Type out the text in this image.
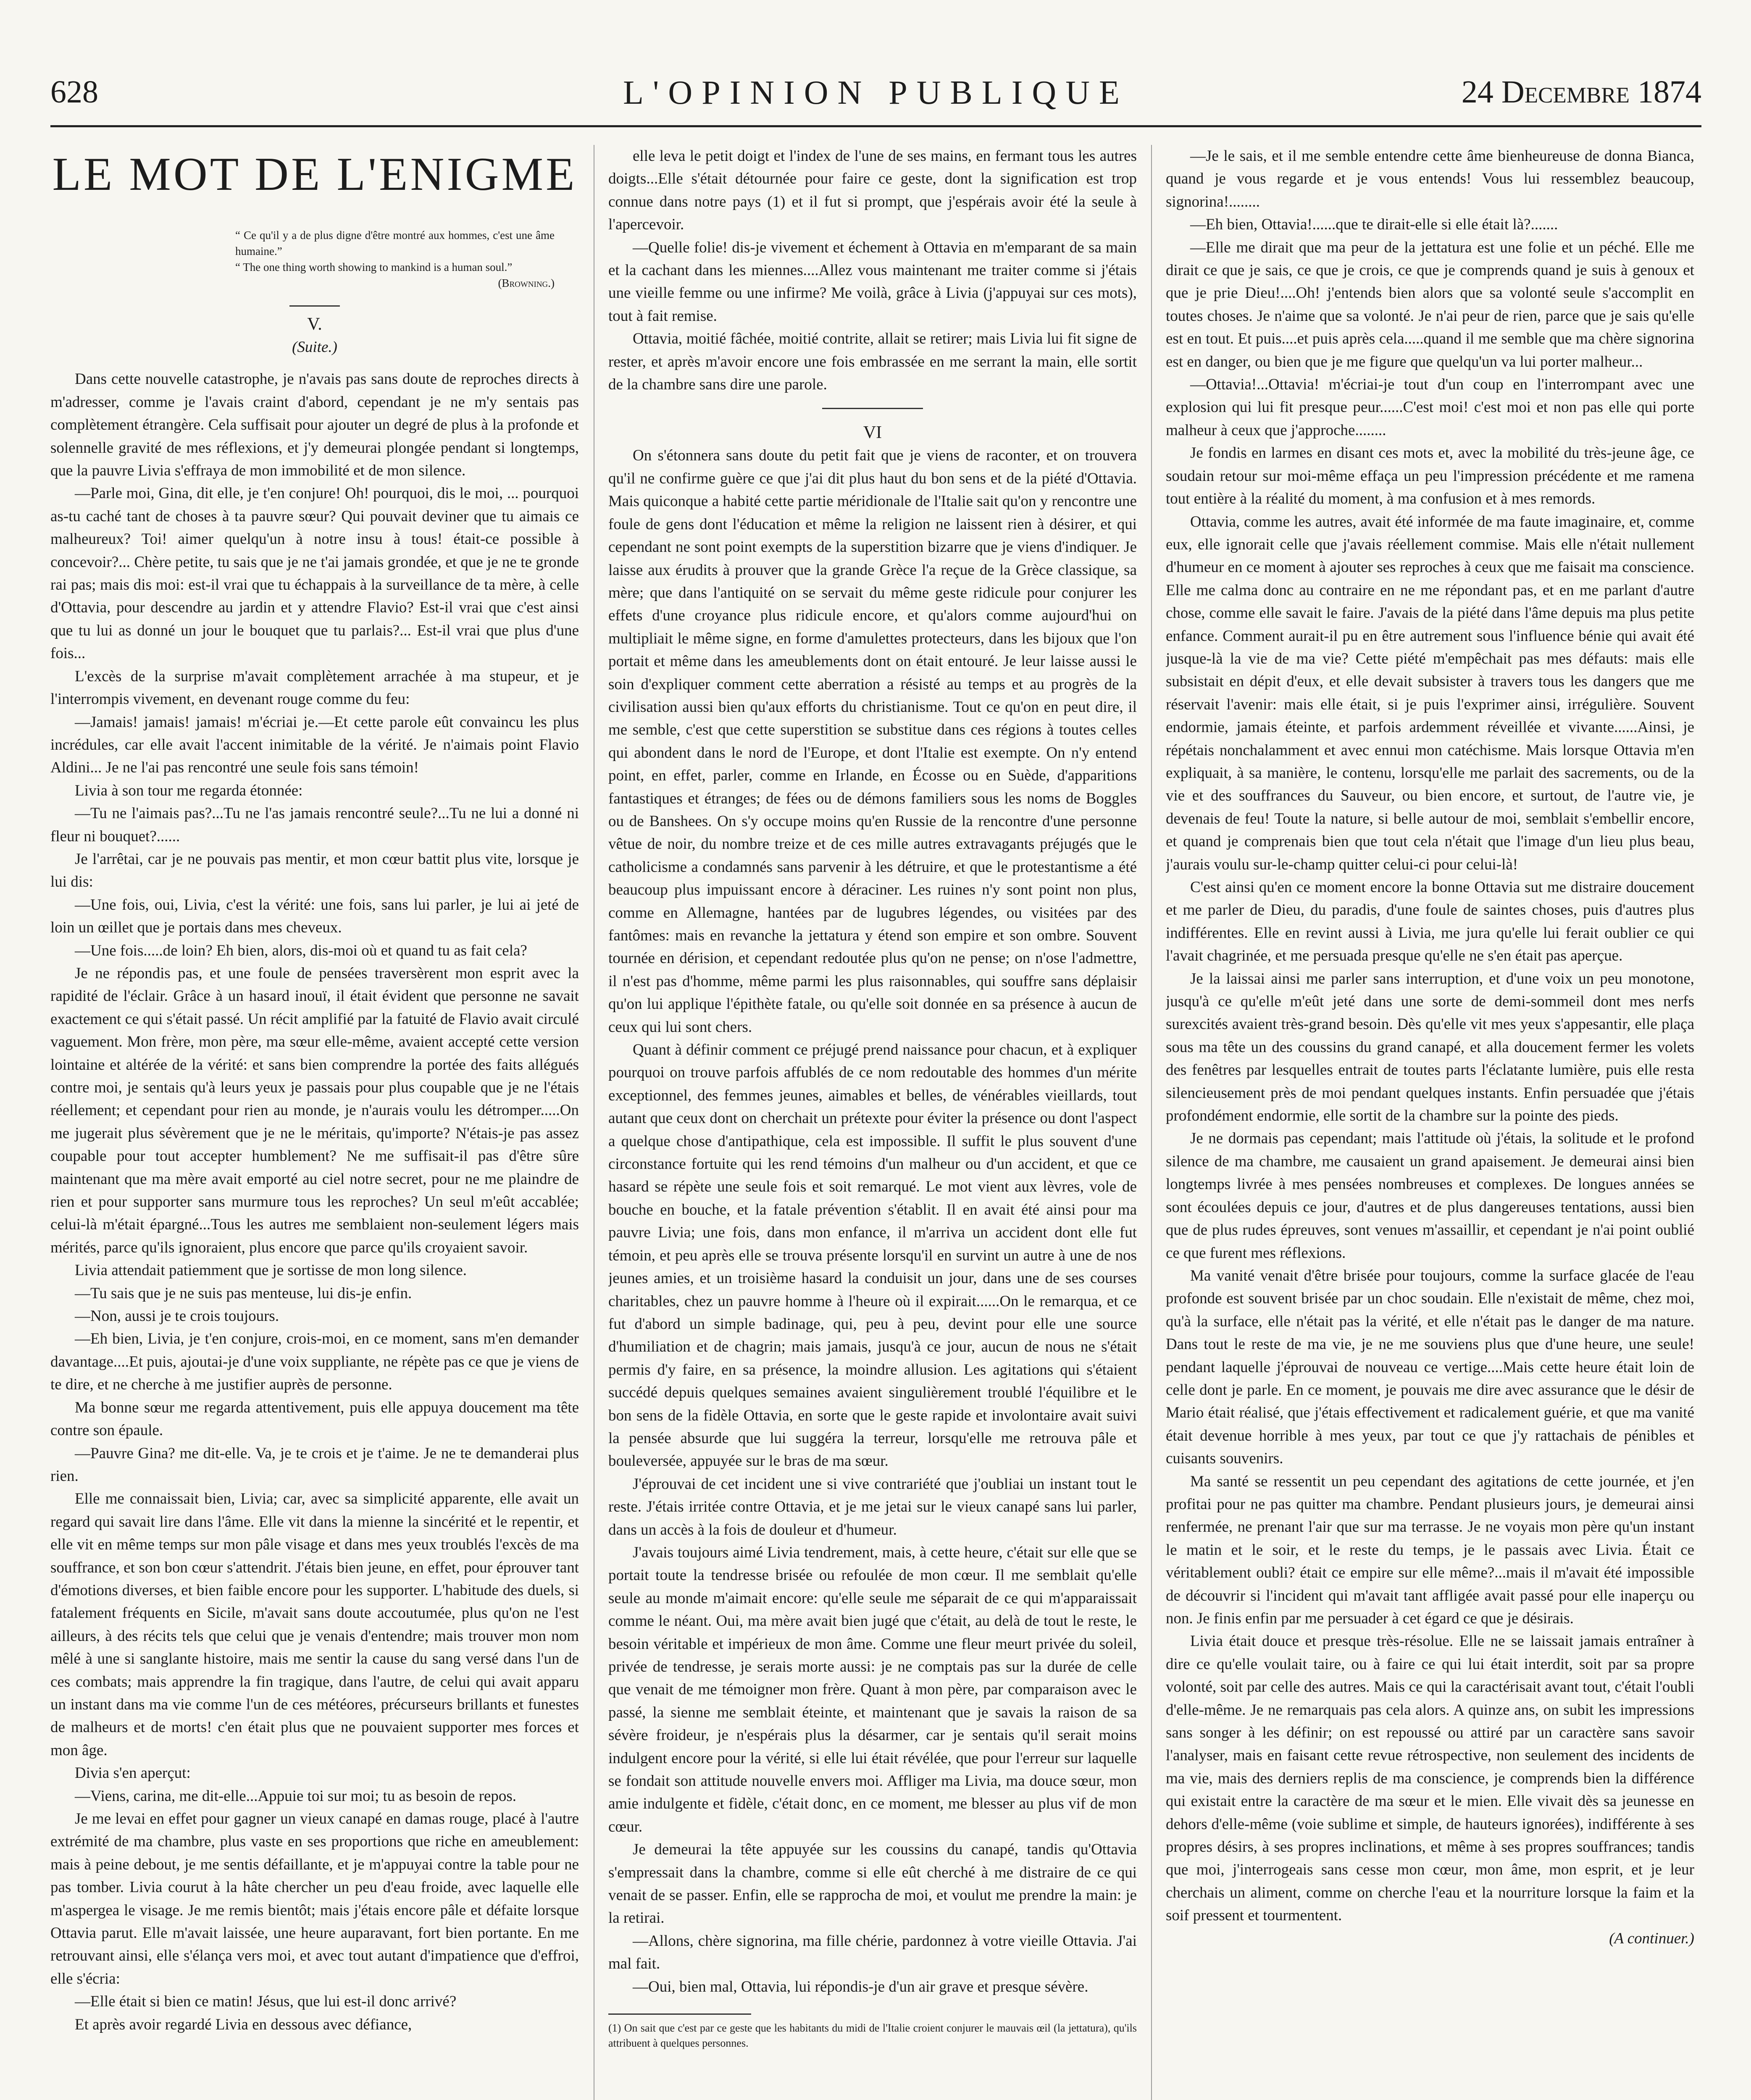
628	L'OPINION PUBLIQUE	24 Decembre 1874
LE MOT DE L'ENIGME
“ Ce qu'il y a de plus digne d'être montré aux hommes, c'est une âme humaine.”
“ The one thing worth showing to mankind is a human soul.”
(Browning.)
V.
(Suite.)

Dans cette nouvelle catastrophe, je n'avais pas sans doute de reproches directs à m'adresser, comme je l'avais craint d'abord, cependant je ne m'y sentais pas complètement étrangère. Cela suffisait pour ajouter un degré de plus à la profonde et solennelle gravité de mes réflexions, et j'y demeurai plongée pendant si longtemps, que la pauvre Livia s'effraya de mon immobilité et de mon silence.

—Parle moi, Gina, dit elle, je t'en conjure! Oh! pourquoi, dis le moi, ... pourquoi as-tu caché tant de choses à ta pauvre sœur? Qui pouvait deviner que tu aimais ce malheureux? Toi! aimer quelqu'un à notre insu à tous! était-ce possible à concevoir?... Chère petite, tu sais que je ne t'ai jamais grondée, et que je ne te gronde rai pas; mais dis moi: est-il vrai que tu échappais à la surveillance de ta mère, à celle d'Ottavia, pour descendre au jardin et y attendre Flavio? Est-il vrai que c'est ainsi que tu lui as donné un jour le bouquet que tu parlais?... Est-il vrai que plus d'une fois...

L'excès de la surprise m'avait complètement arrachée à ma stupeur, et je l'interrompis vivement, en devenant rouge comme du feu:

—Jamais! jamais! jamais! m'écriai je.—Et cette parole eût convaincu les plus incrédules, car elle avait l'accent inimitable de la vérité. Je n'aimais point Flavio Aldini... Je ne l'ai pas rencontré une seule fois sans témoin!

Livia à son tour me regarda étonnée:

—Tu ne l'aimais pas?...Tu ne l'as jamais rencontré seule?...Tu ne lui a donné ni fleur ni bouquet?......

Je l'arrêtai, car je ne pouvais pas mentir, et mon cœur battit plus vite, lorsque je lui dis:

—Une fois, oui, Livia, c'est la vérité: une fois, sans lui parler, je lui ai jeté de loin un œillet que je portais dans mes cheveux.

—Une fois.....de loin? Eh bien, alors, dis-moi où et quand tu as fait cela?

Je ne répondis pas, et une foule de pensées traversèrent mon esprit avec la rapidité de l'éclair. Grâce à un hasard inouï, il était évident que personne ne savait exactement ce qui s'était passé. Un récit amplifié par la fatuité de Flavio avait circulé vaguement. Mon frère, mon père, ma sœur elle-même, avaient accepté cette version lointaine et altérée de la vérité: et sans bien comprendre la portée des faits allégués contre moi, je sentais qu'à leurs yeux je passais pour plus coupable que je ne l'étais réellement; et cependant pour rien au monde, je n'aurais voulu les détromper.....On me jugerait plus sévèrement que je ne le méritais, qu'importe? N'étais-je pas assez coupable pour tout accepter humblement? Ne me suffisait-il pas d'être sûre maintenant que ma mère avait emporté au ciel notre secret, pour ne me plaindre de rien et pour supporter sans murmure tous les reproches? Un seul m'eût accablée; celui-là m'était épargné...Tous les autres me semblaient non-seulement légers mais mérités, parce qu'ils ignoraient, plus encore que parce qu'ils croyaient savoir.

Livia attendait patiemment que je sortisse de mon long silence.

—Tu sais que je ne suis pas menteuse, lui dis-je enfin.

—Non, aussi je te crois toujours.

—Eh bien, Livia, je t'en conjure, crois-moi, en ce moment, sans m'en demander davantage....Et puis, ajoutai-je d'une voix suppliante, ne répète pas ce que je viens de te dire, et ne cherche à me justifier auprès de personne.

Ma bonne sœur me regarda attentivement, puis elle appuya doucement ma tête contre son épaule.

—Pauvre Gina? me dit-elle. Va, je te crois et je t'aime. Je ne te demanderai plus rien.

Elle me connaissait bien, Livia; car, avec sa simplicité apparente, elle avait un regard qui savait lire dans l'âme. Elle vit dans la mienne la sincérité et le repentir, et elle vit en même temps sur mon pâle visage et dans mes yeux troublés l'excès de ma souffrance, et son bon cœur s'attendrit. J'étais bien jeune, en effet, pour éprouver tant d'émotions diverses, et bien faible encore pour les supporter. L'habitude des duels, si fatalement fréquents en Sicile, m'avait sans doute accoutumée, plus qu'on ne l'est ailleurs, à des récits tels que celui que je venais d'entendre; mais trouver mon nom mêlé à une si sanglante histoire, mais me sentir la cause du sang versé dans l'un de ces combats; mais apprendre la fin tragique, dans l'autre, de celui qui avait apparu un instant dans ma vie comme l'un de ces météores, précurseurs brillants et funestes de malheurs et de morts! c'en était plus que ne pouvaient supporter mes forces et mon âge.

Divia s'en aperçut:

—Viens, carina, me dit-elle...Appuie toi sur moi; tu as besoin de repos.

Je me levai en effet pour gagner un vieux canapé en damas rouge, placé à l'autre extrémité de ma chambre, plus vaste en ses proportions que riche en ameublement: mais à peine debout, je me sentis défaillante, et je m'appuyai contre la table pour ne pas tomber. Livia courut à la hâte chercher un peu d'eau froide, avec laquelle elle m'aspergea le visage. Je me remis bientôt; mais j'étais encore pâle et défaite lorsque Ottavia parut. Elle m'avait laissée, une heure auparavant, fort bien portante. En me retrouvant ainsi, elle s'élança vers moi, et avec tout autant d'impatience que d'effroi, elle s'écria:

—Elle était si bien ce matin! Jésus, que lui est-il donc arrivé?

Et après avoir regardé Livia en dessous avec défiance,

elle leva le petit doigt et l'index de l'une de ses mains, en fermant tous les autres doigts...Elle s'était détournée pour faire ce geste, dont la signification est trop connue dans notre pays (1) et il fut si prompt, que j'espérais avoir été la seule à l'apercevoir.

—Quelle folie! dis-je vivement et échement à Ottavia en m'emparant de sa main et la cachant dans les miennes....Allez vous maintenant me traiter comme si j'étais une vieille femme ou une infirme? Me voilà, grâce à Livia (j'appuyai sur ces mots), tout à fait remise.

Ottavia, moitié fâchée, moitié contrite, allait se retirer; mais Livia lui fit signe de rester, et après m'avoir encore une fois embrassée en me serrant la main, elle sortit de la chambre sans dire une parole.

VI

On s'étonnera sans doute du petit fait que je viens de raconter, et on trouvera qu'il ne confirme guère ce que j'ai dit plus haut du bon sens et de la piété d'Ottavia. Mais quiconque a habité cette partie méridionale de l'Italie sait qu'on y rencontre une foule de gens dont l'éducation et même la religion ne laissent rien à désirer, et qui cependant ne sont point exempts de la superstition bizarre que je viens d'indiquer. Je laisse aux érudits à prouver que la grande Grèce l'a reçue de la Grèce classique, sa mère; que dans l'antiquité on se servait du même geste ridicule pour conjurer les effets d'une croyance plus ridicule encore, et qu'alors comme aujourd'hui on multipliait le même signe, en forme d'amulettes protecteurs, dans les bijoux que l'on portait et même dans les ameublements dont on était entouré. Je leur laisse aussi le soin d'expliquer comment cette aberration a résisté au temps et au progrès de la civilisation aussi bien qu'aux efforts du christianisme. Tout ce qu'on en peut dire, il me semble, c'est que cette superstition se substitue dans ces régions à toutes celles qui abondent dans le nord de l'Europe, et dont l'Italie est exempte. On n'y entend point, en effet, parler, comme en Irlande, en Écosse ou en Suède, d'apparitions fantastiques et étranges; de fées ou de démons familiers sous les noms de Boggles ou de Banshees. On s'y occupe moins qu'en Russie de la rencontre d'une personne vêtue de noir, du nombre treize et de ces mille autres extravagants préjugés que le catholicisme a condamnés sans parvenir à les détruire, et que le protestantisme a été beaucoup plus impuissant encore à déraciner. Les ruines n'y sont point non plus, comme en Allemagne, hantées par de lugubres légendes, ou visitées par des fantômes: mais en revanche la jettatura y étend son empire et son ombre. Souvent tournée en dérision, et cependant redoutée plus qu'on ne pense; on n'ose l'admettre, il n'est pas d'homme, même parmi les plus raisonnables, qui souffre sans déplaisir qu'on lui applique l'épithète fatale, ou qu'elle soit donnée en sa présence à aucun de ceux qui lui sont chers.

Quant à définir comment ce préjugé prend naissance pour chacun, et à expliquer pourquoi on trouve parfois affublés de ce nom redoutable des hommes d'un mérite exceptionnel, des femmes jeunes, aimables et belles, de vénérables vieillards, tout autant que ceux dont on cherchait un prétexte pour éviter la présence ou dont l'aspect a quelque chose d'antipathique, cela est impossible. Il suffit le plus souvent d'une circonstance fortuite qui les rend témoins d'un malheur ou d'un accident, et que ce hasard se répète une seule fois et soit remarqué. Le mot vient aux lèvres, vole de bouche en bouche, et la fatale prévention s'établit. Il en avait été ainsi pour ma pauvre Livia; une fois, dans mon enfance, il m'arriva un accident dont elle fut témoin, et peu après elle se trouva présente lorsqu'il en survint un autre à une de nos jeunes amies, et un troisième hasard la conduisit un jour, dans une de ses courses charitables, chez un pauvre homme à l'heure où il expirait......On le remarqua, et ce fut d'abord un simple badinage, qui, peu à peu, devint pour elle une source d'humiliation et de chagrin; mais jamais, jusqu'à ce jour, aucun de nous ne s'était permis d'y faire, en sa présence, la moindre allusion. Les agitations qui s'étaient succédé depuis quelques semaines avaient singulièrement troublé l'équilibre et le bon sens de la fidèle Ottavia, en sorte que le geste rapide et involontaire avait suivi la pensée absurde que lui suggéra la terreur, lorsqu'elle me retrouva pâle et bouleversée, appuyée sur le bras de ma sœur.

J'éprouvai de cet incident une si vive contrariété que j'oubliai un instant tout le reste. J'étais irritée contre Ottavia, et je me jetai sur le vieux canapé sans lui parler, dans un accès à la fois de douleur et d'humeur.

J'avais toujours aimé Livia tendrement, mais, à cette heure, c'était sur elle que se portait toute la tendresse brisée ou refoulée de mon cœur. Il me semblait qu'elle seule au monde m'aimait encore: qu'elle seule me séparait de ce qui m'apparaissait comme le néant. Oui, ma mère avait bien jugé que c'était, au delà de tout le reste, le besoin véritable et impérieux de mon âme. Comme une fleur meurt privée du soleil, privée de tendresse, je serais morte aussi: je ne comptais pas sur la durée de celle que venait de me témoigner mon frère. Quant à mon père, par comparaison avec le passé, la sienne me semblait éteinte, et maintenant que je savais la raison de sa sévère froideur, je n'espérais plus la désarmer, car je sentais qu'il serait moins indulgent encore pour la vérité, si elle lui était révélée, que pour l'erreur sur laquelle se fondait son attitude nouvelle envers moi. Affliger ma Livia, ma douce sœur, mon amie indulgente et fidèle, c'était donc, en ce moment, me blesser au plus vif de mon cœur.

Je demeurai la tête appuyée sur les coussins du canapé, tandis qu'Ottavia s'empressait dans la chambre, comme si elle eût cherché à me distraire de ce qui venait de se passer. Enfin, elle se rapprocha de moi, et voulut me prendre la main: je la retirai.

—Allons, chère signorina, ma fille chérie, pardonnez à votre vieille Ottavia. J'ai mal fait.

—Oui, bien mal, Ottavia, lui répondis-je d'un air grave et presque sévère.

(1) On sait que c'est par ce geste que les habitants du midi de l'Italie croient conjurer le mauvais œil (la jettatura), qu'ils attribuent à quelques personnes.

—Je le sais, et il me semble entendre cette âme bienheureuse de donna Bianca, quand je vous regarde et je vous entends! Vous lui ressemblez beaucoup, signorina!........

—Eh bien, Ottavia!......que te dirait-elle si elle était là?.......

—Elle me dirait que ma peur de la jettatura est une folie et un péché. Elle me dirait ce que je sais, ce que je crois, ce que je comprends quand je suis à genoux et que je prie Dieu!....Oh! j'entends bien alors que sa volonté seule s'accomplit en toutes choses. Je n'aime que sa volonté. Je n'ai peur de rien, parce que je sais qu'elle est en tout. Et puis....et puis après cela.....quand il me semble que ma chère signorina est en danger, ou bien que je me figure que quelqu'un va lui porter malheur...

—Ottavia!...Ottavia! m'écriai-je tout d'un coup en l'interrompant avec une explosion qui lui fit presque peur......C'est moi! c'est moi et non pas elle qui porte malheur à ceux que j'approche........

Je fondis en larmes en disant ces mots et, avec la mobilité du très-jeune âge, ce soudain retour sur moi-même effaça un peu l'impression précédente et me ramena tout entière à la réalité du moment, à ma confusion et à mes remords.

Ottavia, comme les autres, avait été informée de ma faute imaginaire, et, comme eux, elle ignorait celle que j'avais réellement commise. Mais elle n'était nullement d'humeur en ce moment à ajouter ses reproches à ceux que me faisait ma conscience. Elle me calma donc au contraire en ne me répondant pas, et en me parlant d'autre chose, comme elle savait le faire. J'avais de la piété dans l'âme depuis ma plus petite enfance. Comment aurait-il pu en être autrement sous l'influence bénie qui avait été jusque-là la vie de ma vie? Cette piété m'empêchait pas mes défauts: mais elle subsistait en dépit d'eux, et elle devait subsister à travers tous les dangers que me réservait l'avenir: mais elle était, si je puis l'exprimer ainsi, irrégulière. Souvent endormie, jamais éteinte, et parfois ardemment réveillée et vivante......Ainsi, je répétais nonchalamment et avec ennui mon catéchisme. Mais lorsque Ottavia m'en expliquait, à sa manière, le contenu, lorsqu'elle me parlait des sacrements, ou de la vie et des souffrances du Sauveur, ou bien encore, et surtout, de l'autre vie, je devenais de feu! Toute la nature, si belle autour de moi, semblait s'embellir encore, et quand je comprenais bien que tout cela n'était que l'image d'un lieu plus beau, j'aurais voulu sur-le-champ quitter celui-ci pour celui-là!

C'est ainsi qu'en ce moment encore la bonne Ottavia sut me distraire doucement et me parler de Dieu, du paradis, d'une foule de saintes choses, puis d'autres plus indifférentes. Elle en revint aussi à Livia, me jura qu'elle lui ferait oublier ce qui l'avait chagrinée, et me persuada presque qu'elle ne s'en était pas aperçue.

Je la laissai ainsi me parler sans interruption, et d'une voix un peu monotone, jusqu'à ce qu'elle m'eût jeté dans une sorte de demi-sommeil dont mes nerfs surexcités avaient très-grand besoin. Dès qu'elle vit mes yeux s'appesantir, elle plaça sous ma tête un des coussins du grand canapé, et alla doucement fermer les volets des fenêtres par lesquelles entrait de toutes parts l'éclatante lumière, puis elle resta silencieusement près de moi pendant quelques instants. Enfin persuadée que j'étais profondément endormie, elle sortit de la chambre sur la pointe des pieds.

Je ne dormais pas cependant; mais l'attitude où j'étais, la solitude et le profond silence de ma chambre, me causaient un grand apaisement. Je demeurai ainsi bien longtemps livrée à mes pensées nombreuses et complexes. De longues années se sont écoulées depuis ce jour, d'autres et de plus dangereuses tentations, aussi bien que de plus rudes épreuves, sont venues m'assaillir, et cependant je n'ai point oublié ce que furent mes réflexions.

Ma vanité venait d'être brisée pour toujours, comme la surface glacée de l'eau profonde est souvent brisée par un choc soudain. Elle n'existait de même, chez moi, qu'à la surface, elle n'était pas la vérité, et elle n'était pas le danger de ma nature. Dans tout le reste de ma vie, je ne me souviens plus que d'une heure, une seule! pendant laquelle j'éprouvai de nouveau ce vertige....Mais cette heure était loin de celle dont je parle. En ce moment, je pouvais me dire avec assurance que le désir de Mario était réalisé, que j'étais effectivement et radicalement guérie, et que ma vanité était devenue horrible à mes yeux, par tout ce que j'y rattachais de pénibles et cuisants souvenirs.

Ma santé se ressentit un peu cependant des agitations de cette journée, et j'en profitai pour ne pas quitter ma chambre. Pendant plusieurs jours, je demeurai ainsi renfermée, ne prenant l'air que sur ma terrasse. Je ne voyais mon père qu'un instant le matin et le soir, et le reste du temps, je le passais avec Livia. Était ce véritablement oubli? était ce empire sur elle même?...mais il m'avait été impossible de découvrir si l'incident qui m'avait tant affligée avait passé pour elle inaperçu ou non. Je finis enfin par me persuader à cet égard ce que je désirais.

Livia était douce et presque très-résolue. Elle ne se laissait jamais entraîner à dire ce qu'elle voulait taire, ou à faire ce qui lui était interdit, soit par sa propre volonté, soit par celle des autres. Mais ce qui la caractérisait avant tout, c'était l'oubli d'elle-même. Je ne remarquais pas cela alors. A quinze ans, on subit les impressions sans songer à les définir; on est repoussé ou attiré par un caractère sans savoir l'analyser, mais en faisant cette revue rétrospective, non seulement des incidents de ma vie, mais des derniers replis de ma conscience, je comprends bien la différence qui existait entre la caractère de ma sœur et le mien. Elle vivait dès sa jeunesse en dehors d'elle-même (voie sublime et simple, de hauteurs ignorées), indifférente à ses propres désirs, à ses propres inclinations, et même à ses propres souffrances; tandis que moi, j'interrogeais sans cesse mon cœur, mon âme, mon esprit, et je leur cherchais un aliment, comme on cherche l'eau et la nourriture lorsque la faim et la soif pressent et tourmentent.

(A continuer.)
